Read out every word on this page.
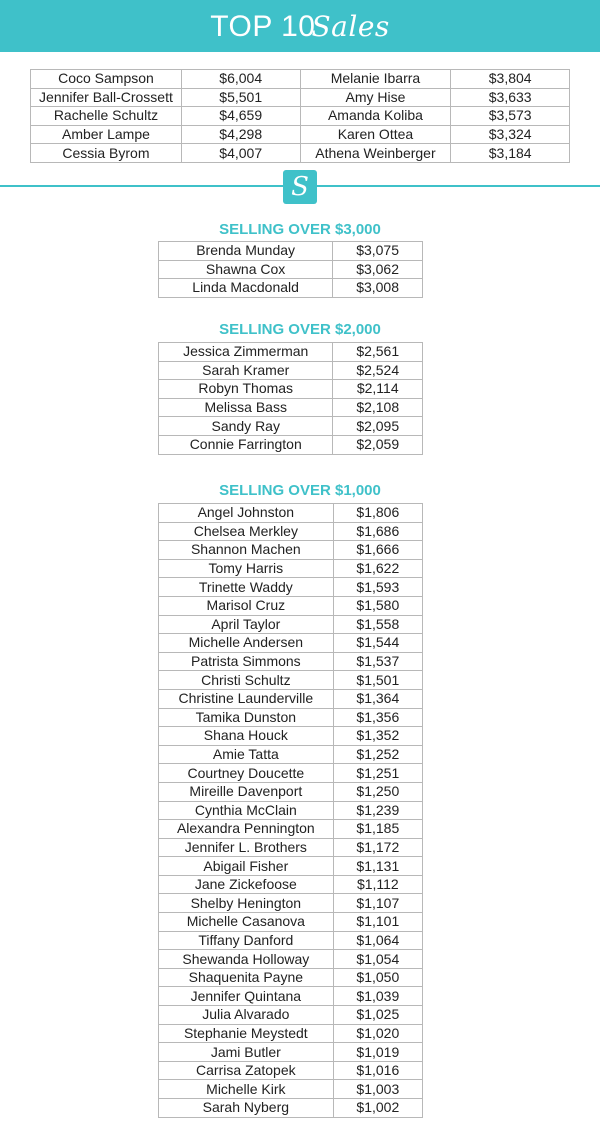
TOP 10Sales
Coco Sampson	$6,004	Melanie Ibarra	$3,804
Jennifer Ball-Crossett	$5,501	Amy Hise	$3,633
Rachelle Schultz	$4,659	Amanda Koliba	$3,573
Amber Lampe	$4,298	Karen Ottea	$3,324
Cessia Byrom	$4,007	Athena Weinberger	$3,184
S
SELLING OVER $3,000
Brenda Munday	$3,075
Shawna Cox	$3,062
Linda Macdonald	$3,008
SELLING OVER $2,000
Jessica Zimmerman	$2,561
Sarah Kramer	$2,524
Robyn Thomas	$2,114
Melissa Bass	$2,108
Sandy Ray	$2,095
Connie Farrington	$2,059
SELLING OVER $1,000
Angel Johnston	$1,806
Chelsea Merkley	$1,686
Shannon Machen	$1,666
Tomy Harris	$1,622
Trinette Waddy	$1,593
Marisol Cruz	$1,580
April Taylor	$1,558
Michelle Andersen	$1,544
Patrista Simmons	$1,537
Christi Schultz	$1,501
Christine Launderville	$1,364
Tamika Dunston	$1,356
Shana Houck	$1,352
Amie Tatta	$1,252
Courtney Doucette	$1,251
Mireille Davenport	$1,250
Cynthia McClain	$1,239
Alexandra Pennington	$1,185
Jennifer L. Brothers	$1,172
Abigail Fisher	$1,131
Jane Zickefoose	$1,112
Shelby Henington	$1,107
Michelle Casanova	$1,101
Tiffany Danford	$1,064
Shewanda Holloway	$1,054
Shaquenita Payne	$1,050
Jennifer Quintana	$1,039
Julia Alvarado	$1,025
Stephanie Meystedt	$1,020
Jami Butler	$1,019
Carrisa Zatopek	$1,016
Michelle Kirk	$1,003
Sarah Nyberg	$1,002
